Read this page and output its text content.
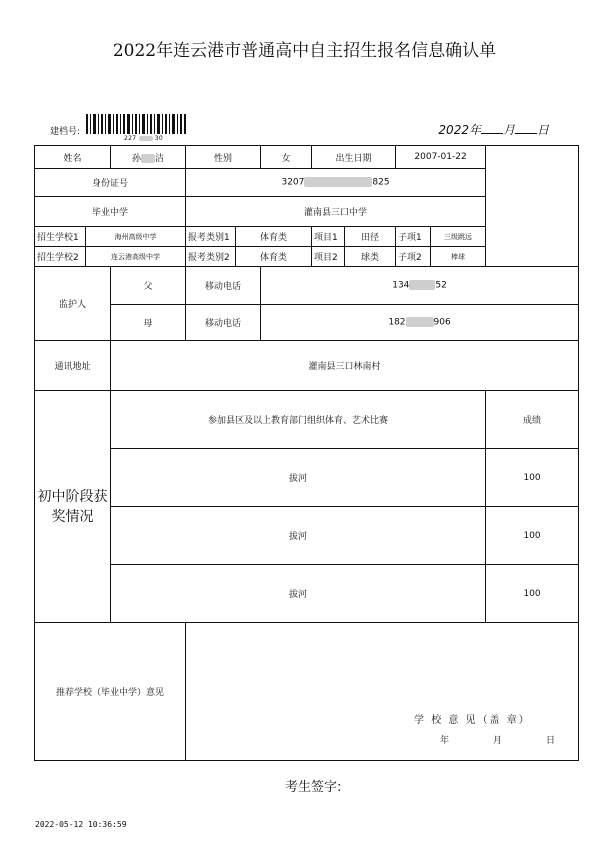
2022年连云港市普通高中自主招生报名信息确认单
建档号:
227	30
2022年 月 日
姓名		孙 洁	性别		女	出生日期		2007-01-22		
身份证号			3207 825							
毕业中学			灌南县三口中学							
招生学校1	海州高级中学		报考类别1	体育类		项目1	田径	子项1	三级跳远	
招生学校2	连云港高级中学		报考类别2	体育类		项目2	球类	子项2	棒球	
监护人		父	移动电话		134 52					
		母	移动电话		182 906					
通讯地址		灌南县三口林南村								
初中阶段获奖情况		参加县区及以上教育部门组织体育、艺术比赛								成绩
		拔河								100
		拔河								100
		拔河								100
推荐学校（毕业中学）意见			学 校 意 见（盖 章）
年 月 日							
考生签字:
2022-05-12 10:36:59
